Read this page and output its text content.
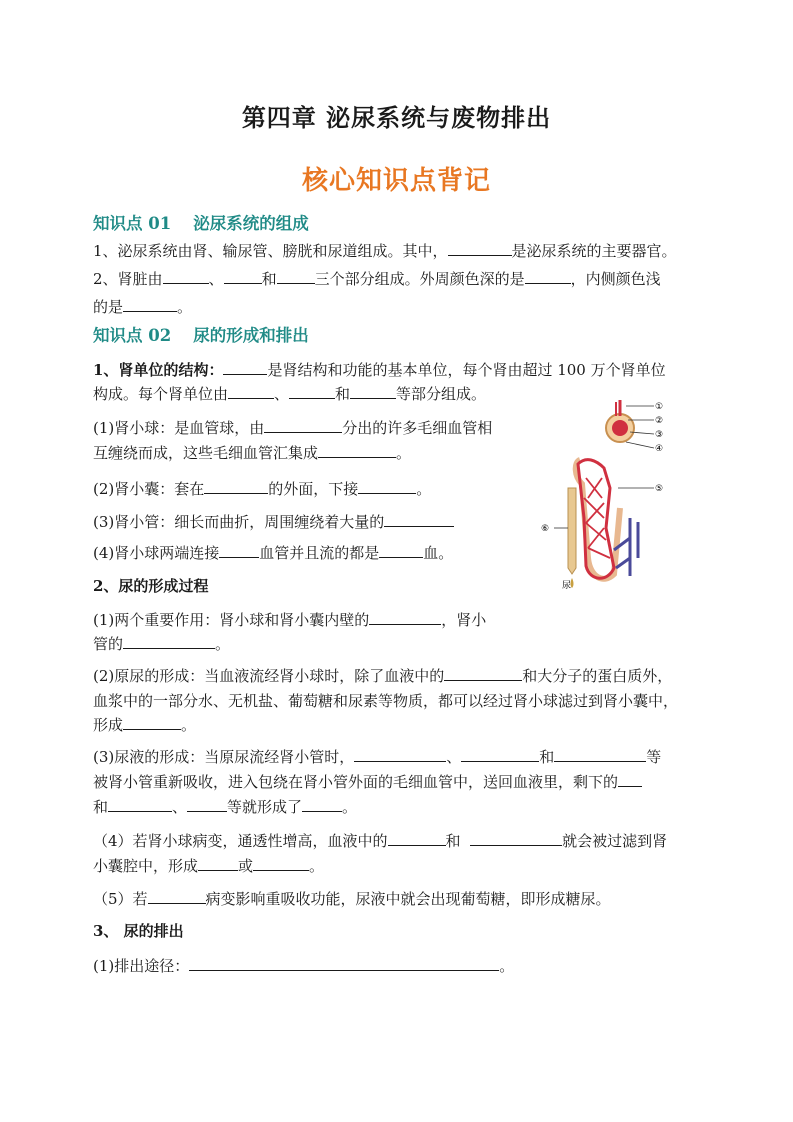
第四章 泌尿系统与废物排出
核心知识点背记
知识点 01 泌尿系统的组成
1、泌尿系统由肾、输尿管、膀胱和尿道组成。其中，	是泌尿系统的主要器官。
2、肾脏由	、	和	三个部分组成。外周颜色深的是	，内侧颜色浅
的是	。
知识点 02 尿的形成和排出
1、肾单位的结构：	是肾结构和功能的基本单位，每个肾由超过 100 万个肾单位
构成。每个肾单位由	、	和	等部分组成。
(1)肾小球：是血管球，由	分出的许多毛细血管相
互缠绕而成，这些毛细血管汇集成	。
(2)肾小囊：套在	的外面，下接	。
(3)肾小管：细长而曲折，周围缠绕着大量的
(4)肾小球两端连接	血管并且流的都是	血。
①
②
③
④
⑤
⑥
尿
2、尿的形成过程
(1)两个重要作用：肾小球和肾小囊内壁的	，肾小
管的	。
(2)原尿的形成：当血液流经肾小球时，除了血液中的	和大分子的蛋白质外，
血浆中的一部分水、无机盐、葡萄糖和尿素等物质，都可以经过肾小球滤过到肾小囊中，
形成	。
(3)尿液的形成：当原尿流经肾小管时，	、	和	等
被肾小管重新吸收，进入包绕在肾小管外面的毛细血管中，送回血液里，剩下的
和	、	等就形成了	。
（4）若肾小球病变，通透性增高，血液中的	和	就会被过滤到肾
小囊腔中，形成	或	。
（5）若	病变影响重吸收功能，尿液中就会出现葡萄糖，即形成糖尿。
3、 尿的排出
(1)排出途径：	。
